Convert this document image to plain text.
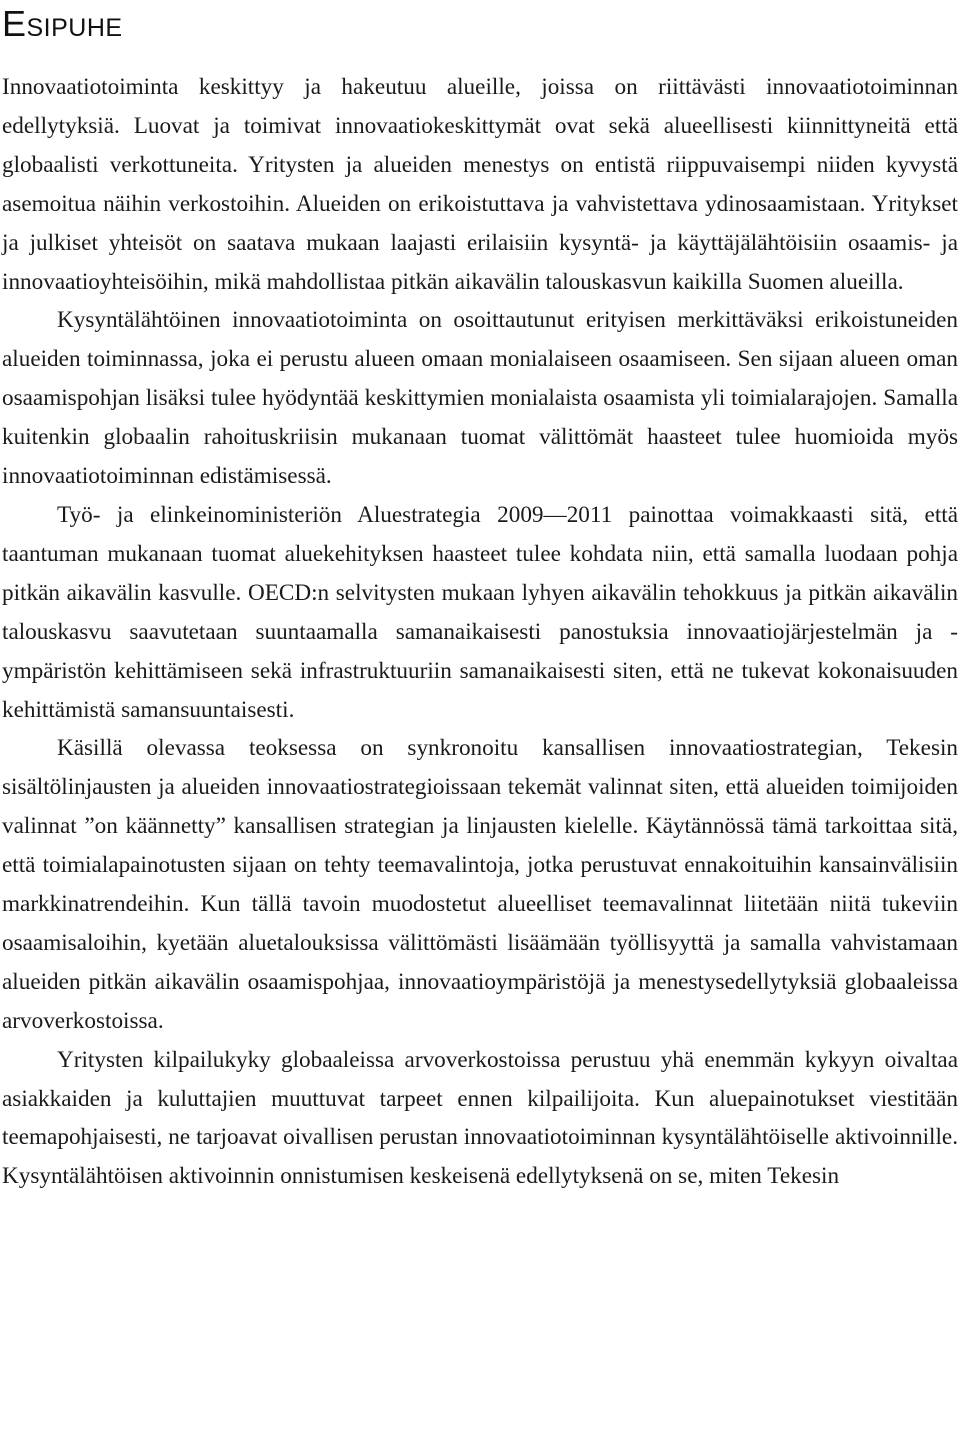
Esipuhe

Innovaatiotoiminta keskittyy ja hakeutuu alueille, joissa on riittävästi innovaatiotoiminnan edellytyksiä. Luovat ja toimivat innovaatiokeskittymät ovat sekä alueellisesti kiinnittyneitä että globaalisti verkottuneita. Yritysten ja alueiden menestys on entistä riippuvaisempi niiden kyvystä asemoitua näihin verkostoihin. Alueiden on erikoistuttava ja vahvistettava ydinosaamistaan. Yritykset ja julkiset yhteisöt on saatava mukaan laajasti erilaisiin kysyntä- ja käyttäjälähtöisiin osaamis- ja innovaatioyhteisöihin, mikä mahdollistaa pitkän aikavälin talouskasvun kaikilla Suomen alueilla.

Kysyntälähtöinen innovaatiotoiminta on osoittautunut erityisen merkittäväksi erikoistuneiden alueiden toiminnassa, joka ei perustu alueen omaan monialaiseen osaamiseen. Sen sijaan alueen oman osaamispohjan lisäksi tulee hyödyntää keskittymien monialaista osaamista yli toimialarajojen. Samalla kuitenkin globaalin rahoituskriisin mukanaan tuomat välittömät haasteet tulee huomioida myös innovaatiotoiminnan edistämisessä.

Työ- ja elinkeinoministeriön Aluestrategia 2009—2011 painottaa voimakkaasti sitä, että taantuman mukanaan tuomat aluekehityksen haasteet tulee kohdata niin, että samalla luodaan pohja pitkän aikavälin kasvulle. OECD:n selvitysten mukaan lyhyen aikavälin tehokkuus ja pitkän aikavälin talouskasvu saavutetaan suuntaamalla samanaikaisesti panostuksia innovaatiojärjestelmän ja -ympäristön kehittämiseen sekä infrastruktuuriin samanaikaisesti siten, että ne tukevat kokonaisuuden kehittämistä samansuuntaisesti.

Käsillä olevassa teoksessa on synkronoitu kansallisen innovaatiostrategian, Tekesin sisältölinjausten ja alueiden innovaatiostrategioissaan tekemät valinnat siten, että alueiden toimijoiden valinnat ”on käännetty” kansallisen strategian ja linjausten kielelle. Käytännössä tämä tarkoittaa sitä, että toimialapainotusten sijaan on tehty teemavalintoja, jotka perustuvat ennakoituihin kansainvälisiin markkinatrendeihin. Kun tällä tavoin muodostetut alueelliset teemavalinnat liitetään niitä tukeviin osaamisaloihin, kyetään aluetalouksissa välittömästi lisäämään työllisyyttä ja samalla vahvistamaan alueiden pitkän aikavälin osaamispohjaa, innovaatioympäristöjä ja menestysedellytyksiä globaaleissa arvoverkostoissa.

Yritysten kilpailukyky globaaleissa arvoverkostoissa perustuu yhä enemmän kykyyn oivaltaa asiakkaiden ja kuluttajien muuttuvat tarpeet ennen kilpailijoita. Kun aluepainotukset viestitään teemapohjaisesti, ne tarjoavat oivallisen perustan innovaatiotoiminnan kysyntälähtöiselle aktivoinnille. Kysyntälähtöisen aktivoinnin onnistumisen keskeisenä edellytyksenä on se, miten Tekesin
